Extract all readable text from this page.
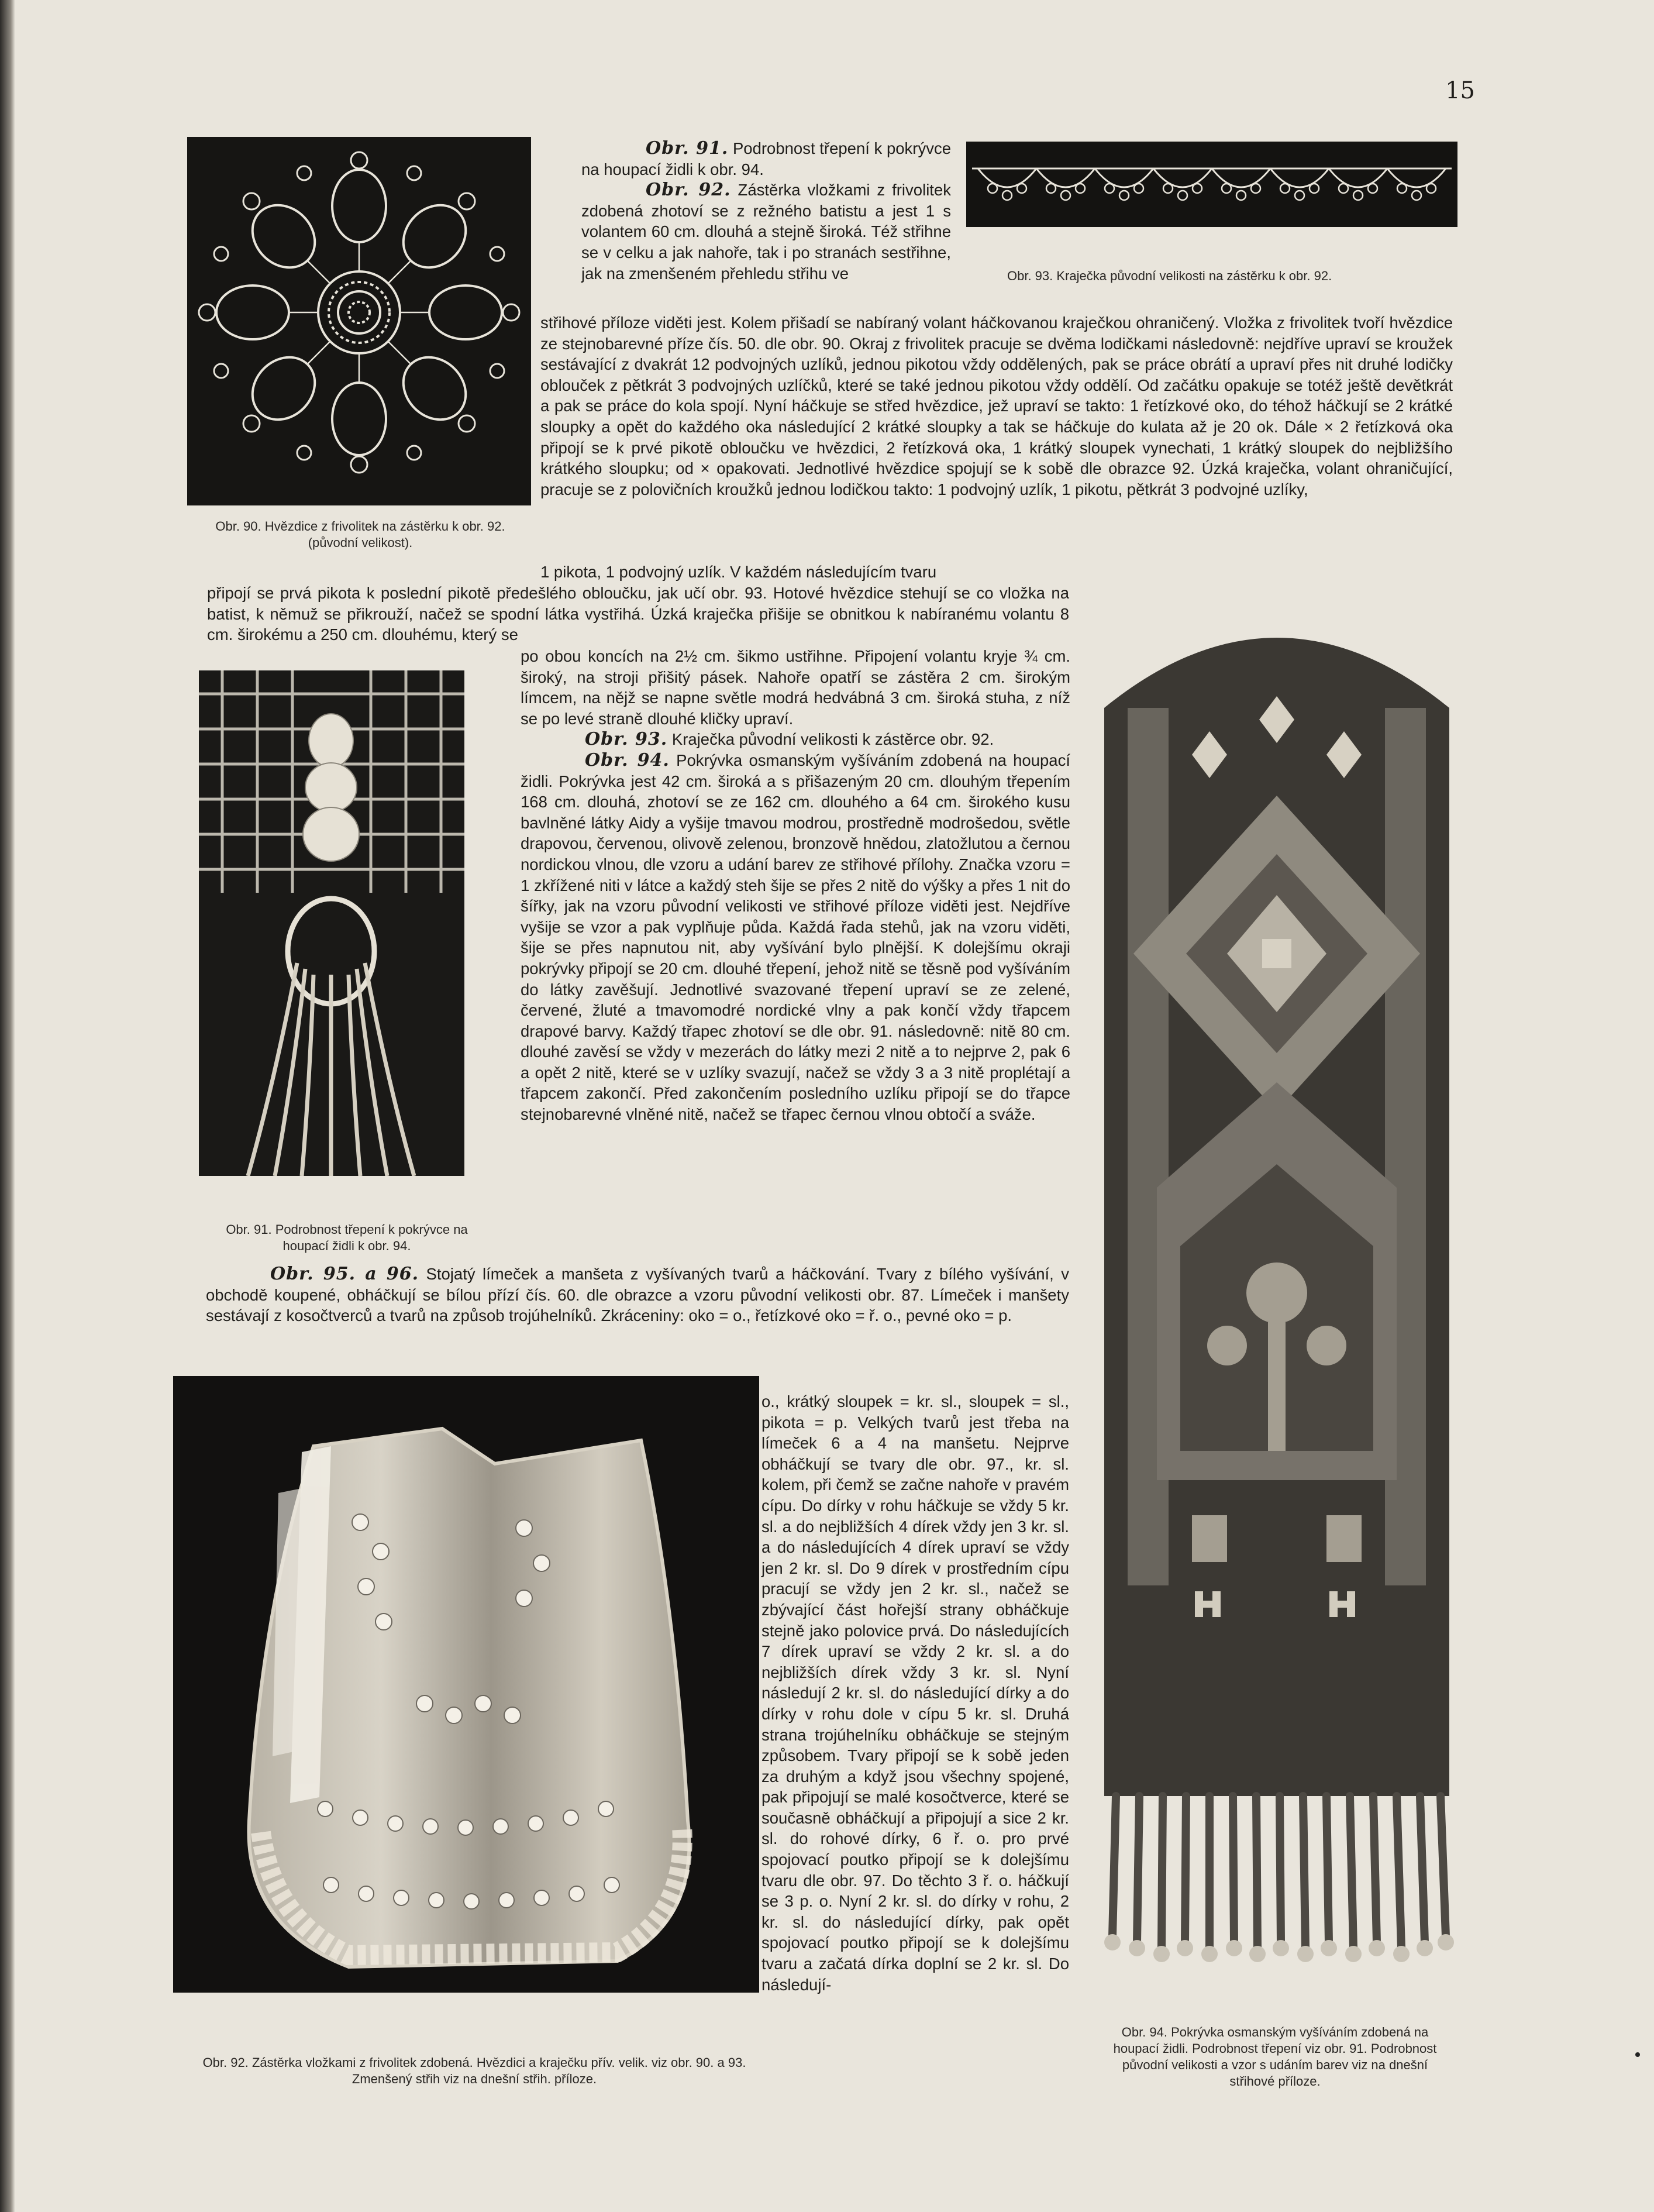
15
Obr. 90. Hvězdice z frivolitek na zástěrku k obr. 92. (původní velikost).
Obr. 93. Kraječka původní velikosti na zástěrku k obr. 92.

Obr. 91. Podrobnost třepení k pokrývce na houpací židli k obr. 94.

Obr. 92. Zástěrka vložkami z frivolitek zdobená zhotoví se z režného batistu a jest 1 s volantem 60 cm. dlouhá a stejně široká. Též střihne se v celku a jak nahoře, tak i po stranách sestřihne, jak na zmenšeném přehledu střihu ve

střihové příloze viděti jest. Kolem přišadí se nabíraný volant háčkovanou kraječkou ohraničený. Vložka z frivolitek tvoří hvězdice ze stejnobarevné příze čís. 50. dle obr. 90. Okraj z frivolitek pracuje se dvěma lodičkami následovně: nejdříve upraví se kroužek sestávající z dvakrát 12 podvojných uzlíků, jednou pikotou vždy oddělených, pak se práce obrátí a upraví přes nit druhé lodičky oblouček z pětkrát 3 podvojných uzlíčků, které se také jednou pikotou vždy oddělí. Od začátku opakuje se totéž ještě devětkrát a pak se práce do kola spojí. Nyní háčkuje se střed hvězdice, jež upraví se takto: 1 řetízkové oko, do téhož háčkují se 2 krátké sloupky a opět do každého oka následující 2 krátké sloupky a tak se háčkuje do kulata až je 20 ok. Dále × 2 řetízková oka připojí se k prvé pikotě obloučku ve hvězdici, 2 řetízková oka, 1 krátký sloupek vynechati, 1 krátký sloupek do nejbližšího krátkého sloupku; od × opakovati. Jednotlivé hvězdice spojují se k sobě dle obrazce 92. Úzká kraječka, volant ohraničující, pracuje se z polovičních kroužků jednou lodičkou takto: 1 podvojný uzlík, 1 pikotu, pětkrát 3 podvojné uzlíky,

1 pikota, 1 podvojný uzlík. V každém následujícím tvaru

připojí se prvá pikota k poslední pikotě předešlého obloučku, jak učí obr. 93. Hotové hvězdice stehují se co vložka na batist, k němuž se přikrouží, načež se spodní látka vystřihá. Úzká kraječka přišije se obnitkou k nabíranému volantu 8 cm. širokému a 250 cm. dlouhému, který se

Obr. 91. Podrobnost třepení k pokrývce na houpací židli k obr. 94.

po obou koncích na 2½ cm. šikmo ustřihne. Připojení volantu kryje ¾ cm. široký, na stroji přišitý pásek. Nahoře opatří se zástěra 2 cm. širokým límcem, na nějž se napne světle modrá hedvábná 3 cm. široká stuha, z níž se po levé straně dlouhé kličky upraví.

Obr. 93. Kraječka původní velikosti k zástěrce obr. 92.

Obr. 94. Pokrývka osmanským vyšíváním zdobená na houpací židli. Pokrývka jest 42 cm. široká a s přišazeným 20 cm. dlouhým třepením 168 cm. dlouhá, zhotoví se ze 162 cm. dlouhého a 64 cm. širokého kusu bavlněné látky Aidy a vyšije tmavou modrou, prostředně modrošedou, světle drapovou, červenou, olivově zelenou, bronzově hnědou, zlatožlutou a černou nordickou vlnou, dle vzoru a udání barev ze střihové přílohy. Značka vzoru = 1 zkřížené niti v látce a každý steh šije se přes 2 nitě do výšky a přes 1 nit do šířky, jak na vzoru původní velikosti ve střihové příloze viděti jest. Nejdříve vyšije se vzor a pak vyplňuje půda. Každá řada stehů, jak na vzoru viděti, šije se přes napnutou nit, aby vyšívání bylo plnější. K dolejšímu okraji pokrývky připojí se 20 cm. dlouhé třepení, jehož nitě se těsně pod vyšíváním do látky zavěšují. Jednotlivé svazované třepení upraví se ze zelené, červené, žluté a tmavomodré nordické vlny a pak končí vždy třapcem drapové barvy. Každý třapec zhotoví se dle obr. 91. následovně: nitě 80 cm. dlouhé zavěsí se vždy v mezerách do látky mezi 2 nitě a to nejprve 2, pak 6 a opět 2 nitě, které se v uzlíky svazují, načež se vždy 3 a 3 nitě proplétají a třapcem zakončí. Před zakončením posledního uzlíku připojí se do třapce stejnobarevné vlněné nitě, načež se třapec černou vlnou obtočí a sváže.

Obr. 95. a 96. Stojatý límeček a manšeta z vyšívaných tvarů a háčkování. Tvary z bílého vyšívání, v obchodě koupené, obháčkují se bílou přízí čís. 60. dle obrazce a vzoru původní velikosti obr. 87. Límeček i manšety sestávají z kosočtverců a tvarů na způsob trojúhelníků. Zkráceniny: oko = o., řetízkové oko = ř. o., pevné oko = p.

Obr. 92. Zástěrka vložkami z frivolitek zdobená. Hvězdici a kraječku přív. velik. viz obr. 90. a 93. Zmenšený střih viz na dnešní střih. příloze.

o., krátký sloupek = kr. sl., sloupek = sl., pikota = p. Velkých tvarů jest třeba na límeček 6 a 4 na manšetu. Nejprve obháčkují se tvary dle obr. 97., kr. sl. kolem, při čemž se začne nahoře v pravém cípu. Do dírky v rohu háčkuje se vždy 5 kr. sl. a do nejbližších 4 dírek vždy jen 3 kr. sl. a do následujících 4 dírek upraví se vždy jen 2 kr. sl. Do 9 dírek v prostředním cípu pracují se vždy jen 2 kr. sl., načež se zbývající část hořejší strany obháčkuje stejně jako polovice prvá. Do následujících 7 dírek upraví se vždy 2 kr. sl. a do nejbližších dírek vždy 3 kr. sl. Nyní následují 2 kr. sl. do následující dírky a do dírky v rohu dole v cípu 5 kr. sl. Druhá strana trojúhelníku obháčkuje se stejným způsobem. Tvary připojí se k sobě jeden za druhým a když jsou všechny spojené, pak připojují se malé kosočtverce, které se současně obháčkují a připojují a sice 2 kr. sl. do rohové dírky, 6 ř. o. pro prvé spojovací poutko připojí se k dolejšímu tvaru dle obr. 97. Do těchto 3 ř. o. háčkují se 3 p. o. Nyní 2 kr. sl. do dírky v rohu, 2 kr. sl. do následující dírky, pak opět spojovací poutko připojí se k dolejšímu tvaru a začatá dírka doplní se 2 kr. sl. Do následují-

Obr. 94. Pokrývka osmanským vyšíváním zdobená na houpací židli. Podrobnost třepení viz obr. 91. Podrobnost původní velikosti a vzor s udáním barev viz na dnešní střihové příloze.
